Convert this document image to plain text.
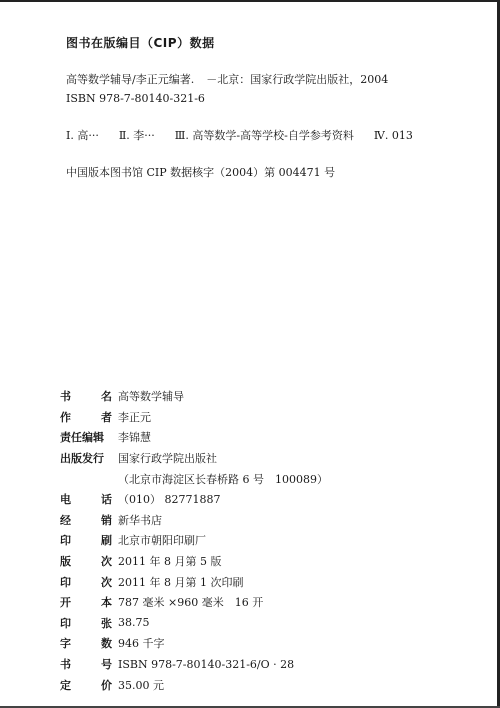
图书在版编目（CIP）数据
高等数学辅导/李正元编著. －北京：国家行政学院出版社，2004
ISBN 978-7-80140-321-6
Ⅰ. 高··· Ⅱ. 李··· Ⅲ. 高等数学-高等学校-自学参考资料 Ⅳ. 013
中国版本图书馆 CIP 数据核字（2004）第 004471 号
书	名 高等数学辅导
作	者 李正元
责任编辑 李锦慧
出版发行 国家行政学院出版社
（北京市海淀区长春桥路 6 号　100089）
电	话 （010） 82771887
经	销 新华书店
印	刷 北京市朝阳印刷厂
版	次 2011 年 8 月第 5 版
印	次 2011 年 8 月第 1 次印刷
开	本 787 毫米 ×960 毫米　16 开
印	张 38.75
字	数 946 千字
书	号 ISBN 978-7-80140-321-6/O · 28
定	价 35.00 元
